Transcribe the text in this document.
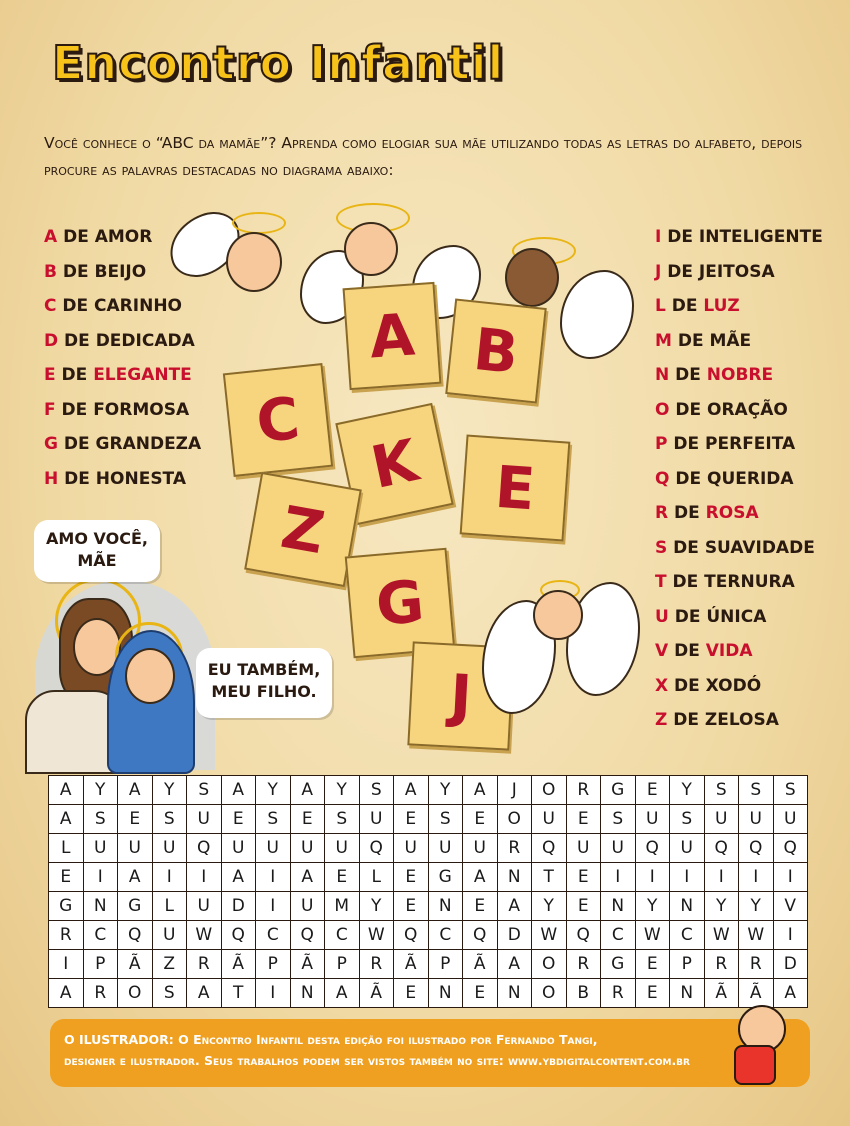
Encontro Infantil
Você conhece o “ABC da mamãe”? Aprenda como elogiar sua mãe utilizando todas as letras do alfabeto, depois procure as palavras destacadas no diagrama abaixo:
A DE AMOR
B DE BEIJO
C DE CARINHO
D DE DEDICADA
E DE ELEGANTE
F DE FORMOSA
G DE GRANDEZA
H DE HONESTA
I DE INTELIGENTE
J DE JEITOSA
L DE LUZ
M DE MÃE
N DE NOBRE
O DE ORAÇÃO
P DE PERFEITA
Q DE QUERIDA
R DE ROSA
S DE SUAVIDADE
T DE TERNURA
U DE ÚNICA
V DE VIDA
X DE XODÓ
Z DE ZELOSA
A B
C
K	E
Z
G
J
AMO VOCÊ, MÃE
EU TAMBÉM, MEU FILHO.
A	Y	A	Y	S	A	Y	A	Y	S	A	Y	A	J	O	R	G	E	Y	S	S	S
A	S	E	S	U	E	S	E	S	U	E	S	E	O	U	E	S	U	S	U	U	U
L	U	U	U	Q	U	U	U	U	Q	U	U	U	R	Q	U	U	Q	U	Q	Q	Q
E	I	A	I	I	A	I	A	E	L	E	G	A	N	T	E	I	I	I	I	I	I
G	N	G	L	U	D	I	U	M	Y	E	N	E	A	Y	E	N	Y	N	Y	Y	V
R	C	Q	U	W	Q	C	Q	C	W	Q	C	Q	D	W	Q	C	W	C	W	W	I
I	P	Ã	Z	R	Ã	P	Ã	P	R	Ã	P	Ã	A	O	R	G	E	P	R	R	D
A	R	O	S	A	T	I	N	A	Ã	E	N	E	N	O	B	R	E	N	Ã	Ã	A
O ILUSTRADOR: O Encontro Infantil desta edição foi ilustrado por Fernando Tangi,
designer e ilustrador. Seus trabalhos podem ser vistos também no site: www.ybdigitalcontent.com.br
